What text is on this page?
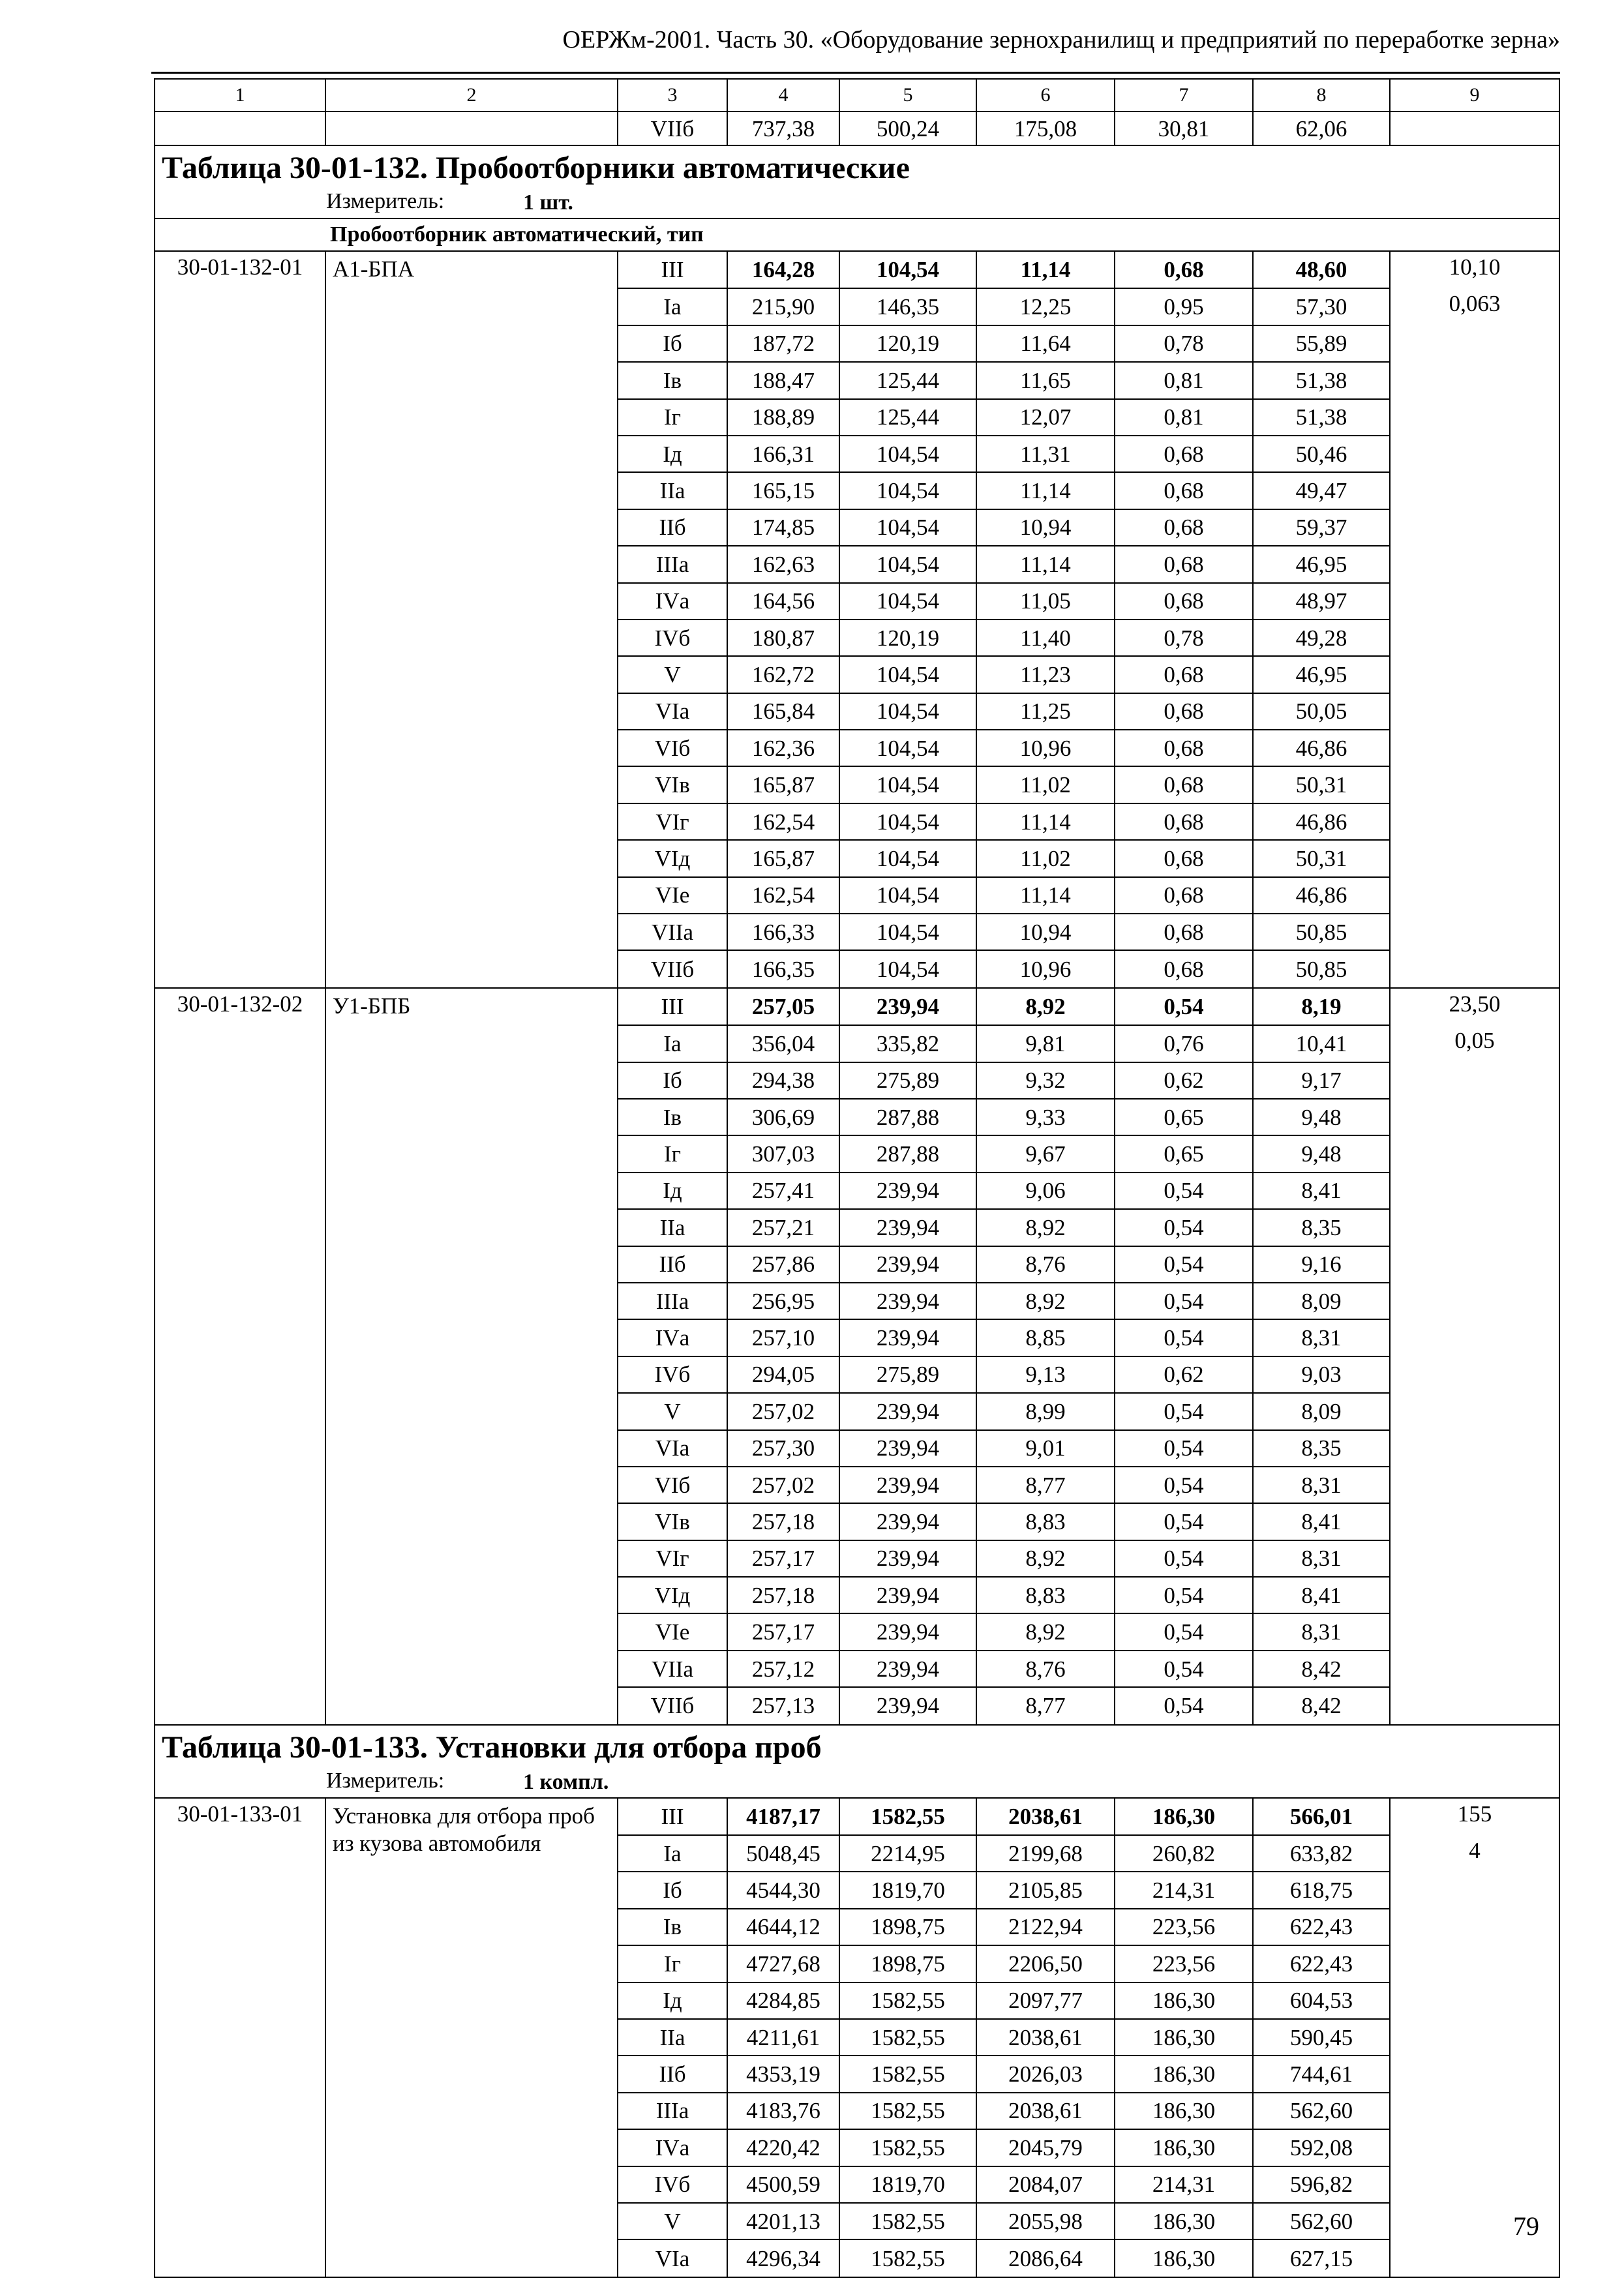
ОЕРЖм-2001. Часть 30. «Оборудование зернохранилищ и предприятий по переработке зерна»
1	2	3	4	5	6	7	8	9
		VIIб	737,38	500,24	175,08	30,81	62,06	

Таблица 30-01-132. Пробоотборники автоматические
Измеритель: 1 шт.								

Пробоотборник автоматический, тип								
30-01-132-01	А1-БПА	III	164,28	104,54	11,14	0,68	48,60	10,10
		Iа	215,90	146,35	12,25	0,95	57,30	0,063
		Iб	187,72	120,19	11,64	0,78	55,89	
		Iв	188,47	125,44	11,65	0,81	51,38	
		Iг	188,89	125,44	12,07	0,81	51,38	
		Iд	166,31	104,54	11,31	0,68	50,46	
		IIа	165,15	104,54	11,14	0,68	49,47	
		IIб	174,85	104,54	10,94	0,68	59,37	
		IIIа	162,63	104,54	11,14	0,68	46,95	
		IVа	164,56	104,54	11,05	0,68	48,97	
		IVб	180,87	120,19	11,40	0,78	49,28	
		V	162,72	104,54	11,23	0,68	46,95	
		VIа	165,84	104,54	11,25	0,68	50,05	
		VIб	162,36	104,54	10,96	0,68	46,86	
		VIв	165,87	104,54	11,02	0,68	50,31	
		VIг	162,54	104,54	11,14	0,68	46,86	
		VIд	165,87	104,54	11,02	0,68	50,31	
		VIе	162,54	104,54	11,14	0,68	46,86	
		VIIа	166,33	104,54	10,94	0,68	50,85	
		VIIб	166,35	104,54	10,96	0,68	50,85	
30-01-132-02	У1-БПБ	III	257,05	239,94	8,92	0,54	8,19	23,50
		Iа	356,04	335,82	9,81	0,76	10,41	0,05
		Iб	294,38	275,89	9,32	0,62	9,17	
		Iв	306,69	287,88	9,33	0,65	9,48	
		Iг	307,03	287,88	9,67	0,65	9,48	
		Iд	257,41	239,94	9,06	0,54	8,41	
		IIа	257,21	239,94	8,92	0,54	8,35	
		IIб	257,86	239,94	8,76	0,54	9,16	
		IIIа	256,95	239,94	8,92	0,54	8,09	
		IVа	257,10	239,94	8,85	0,54	8,31	
		IVб	294,05	275,89	9,13	0,62	9,03	
		V	257,02	239,94	8,99	0,54	8,09	
		VIа	257,30	239,94	9,01	0,54	8,35	
		VIб	257,02	239,94	8,77	0,54	8,31	
		VIв	257,18	239,94	8,83	0,54	8,41	
		VIг	257,17	239,94	8,92	0,54	8,31	
		VIд	257,18	239,94	8,83	0,54	8,41	
		VIе	257,17	239,94	8,92	0,54	8,31	
		VIIа	257,12	239,94	8,76	0,54	8,42	
		VIIб	257,13	239,94	8,77	0,54	8,42	

Таблица 30-01-133. Установки для отбора проб
Измеритель: 1 компл.								

30-01-133-01	Установка для отбора проб из кузова автомобиля	III	4187,17	1582,55	2038,61	186,30	566,01	155
		Iа	5048,45	2214,95	2199,68	260,82	633,82	4
		Iб	4544,30	1819,70	2105,85	214,31	618,75	
		Iв	4644,12	1898,75	2122,94	223,56	622,43	
		Iг	4727,68	1898,75	2206,50	223,56	622,43	
		Iд	4284,85	1582,55	2097,77	186,30	604,53	
		IIа	4211,61	1582,55	2038,61	186,30	590,45	
		IIб	4353,19	1582,55	2026,03	186,30	744,61	
		IIIа	4183,76	1582,55	2038,61	186,30	562,60	
		IVа	4220,42	1582,55	2045,79	186,30	592,08	
		IVб	4500,59	1819,70	2084,07	214,31	596,82	
		V	4201,13	1582,55	2055,98	186,30	562,60	
		VIа	4296,34	1582,55	2086,64	186,30	627,15	
79
